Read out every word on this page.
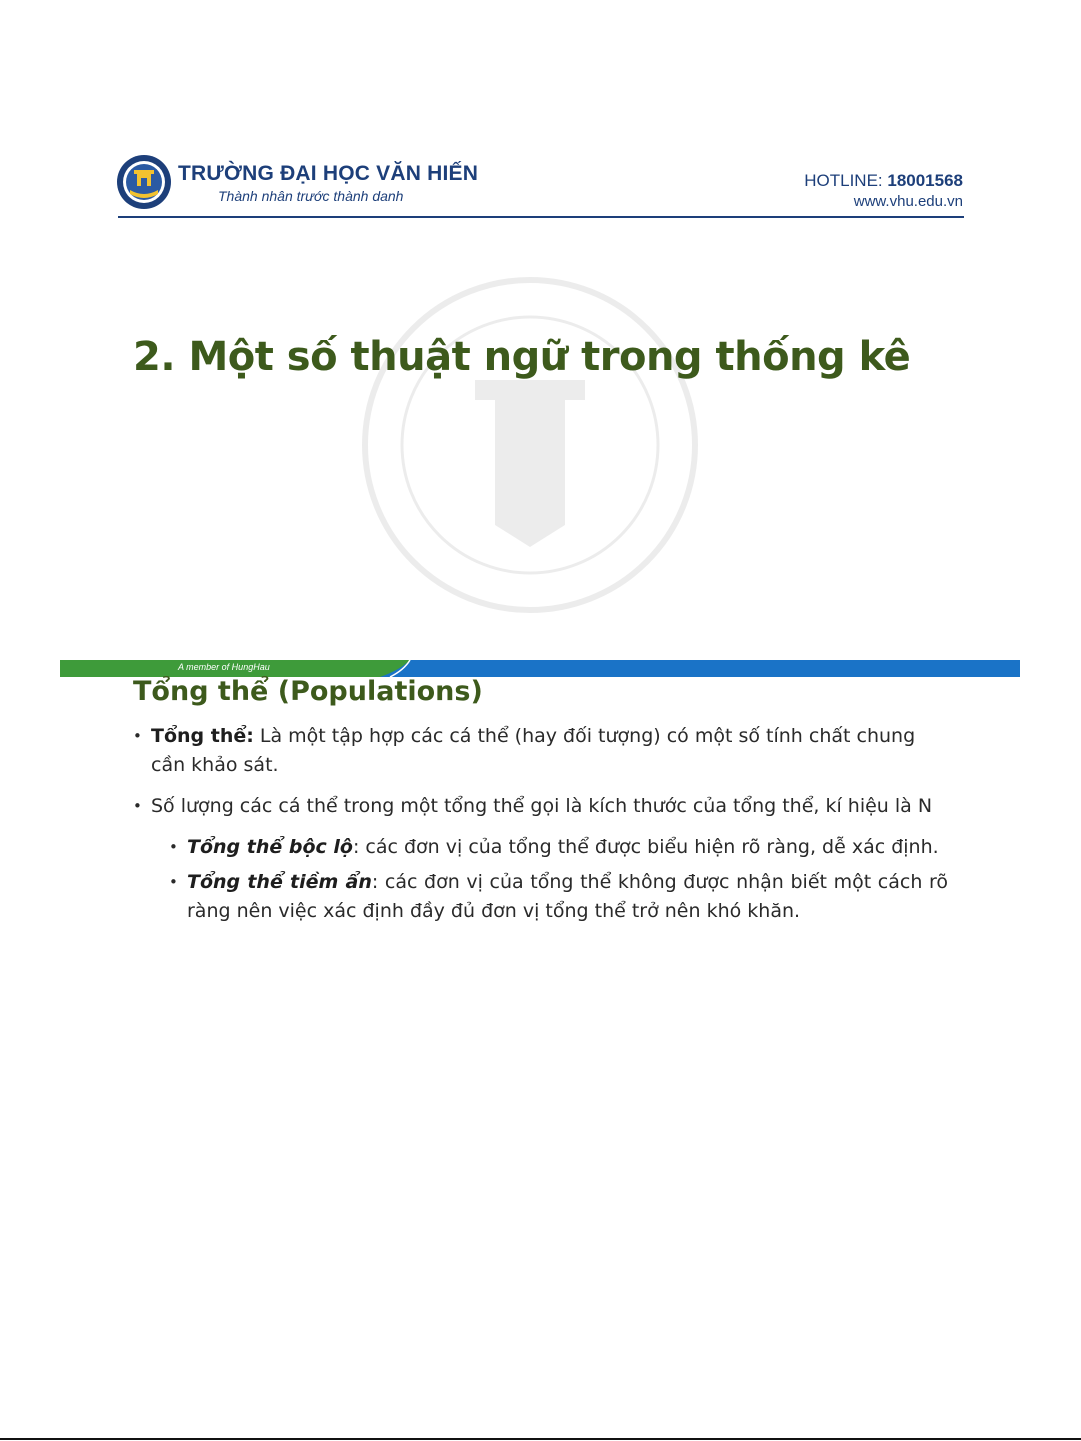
TRƯỜNG ĐẠI HỌC VĂN HIẾN
Thành nhân trước thành danh
HOTLINE: 18001568
www.vhu.edu.vn
2. Một số thuật ngữ trong thống kê
A member of HungHau
Tổng thể (Populations)
• Tổng thể: Là một tập hợp các cá thể (hay đối tượng) có một số tính chất chung cần khảo sát.
• Số lượng các cá thể trong một tổng thể gọi là kích thước của tổng thể, kí hiệu là N
• Tổng thể bộc lộ: các đơn vị của tổng thể được biểu hiện rõ ràng, dễ xác định.
• Tổng thể tiềm ẩn: các đơn vị của tổng thể không được nhận biết một cách rõ ràng nên việc xác định đầy đủ đơn vị tổng thể trở nên khó khăn.
